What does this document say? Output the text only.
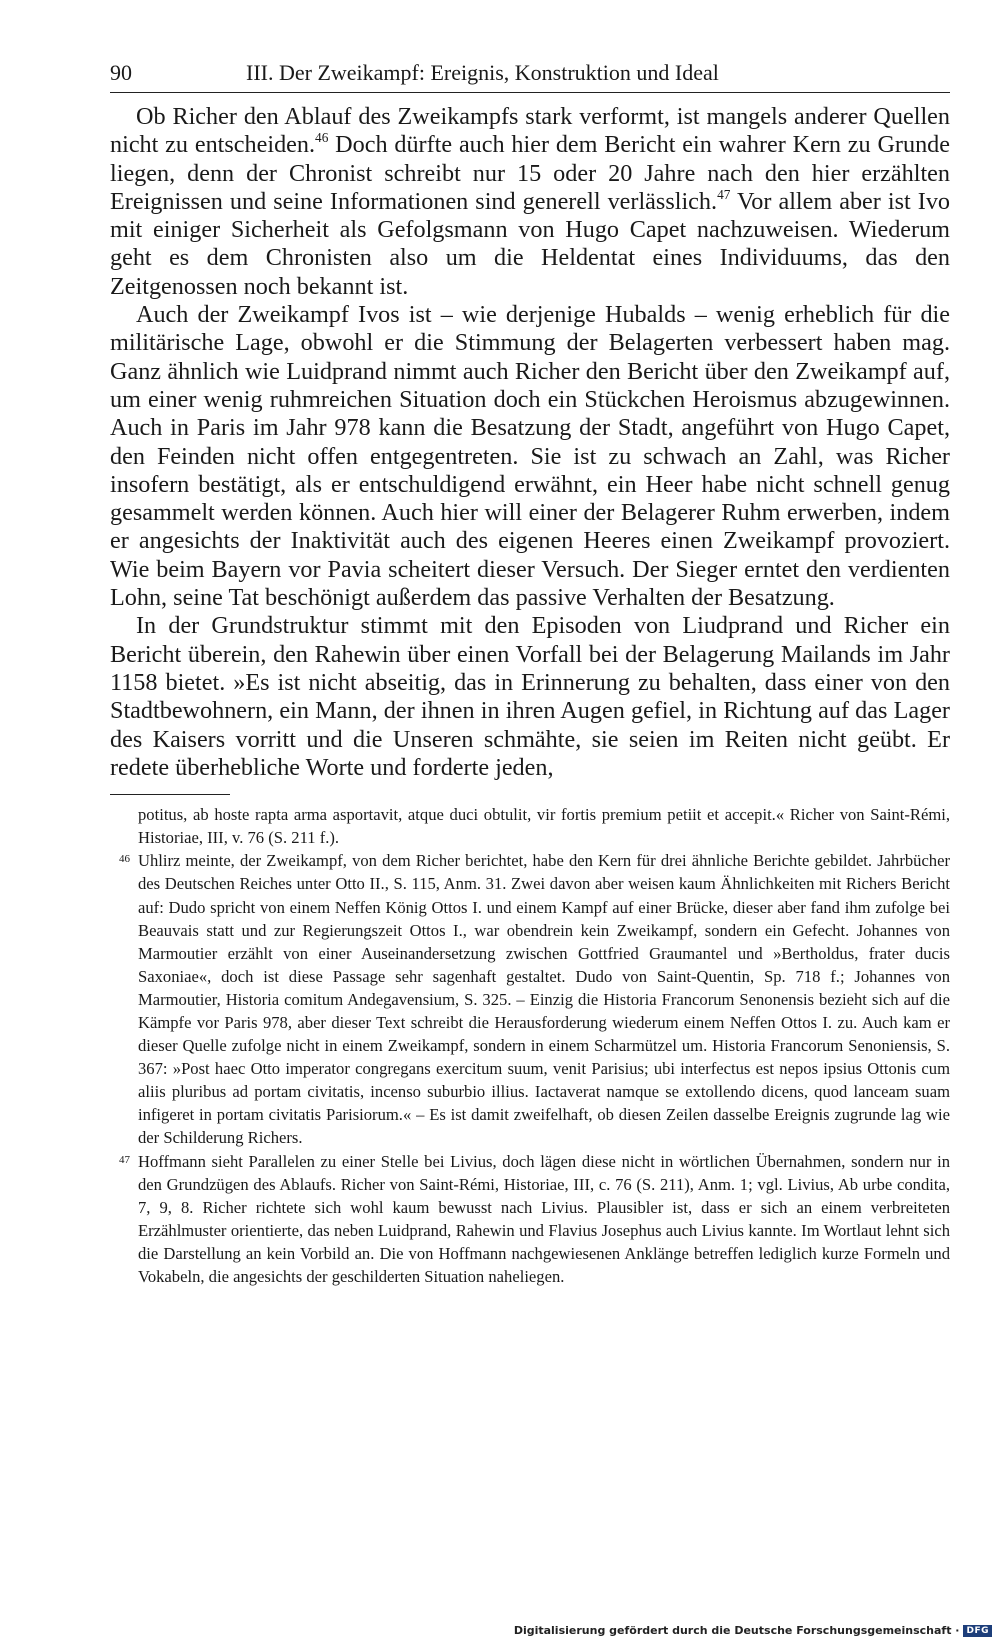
90	III. Der Zweikampf: Ereignis, Konstruktion und Ideal

Ob Richer den Ablauf des Zweikampfs stark verformt, ist mangels anderer Quellen nicht zu entscheiden.$^{46}$ Doch dürfte auch hier dem Bericht ein wahrer Kern zu Grunde liegen, denn der Chronist schreibt nur 15 oder 20 Jahre nach den hier erzählten Ereignissen und seine Informationen sind generell verlässlich.$^{47}$ Vor allem aber ist Ivo mit einiger Sicherheit als Gefolgsmann von Hugo Capet nachzuweisen. Wiederum geht es dem Chronisten also um die Heldentat eines Individuums, das den Zeitgenossen noch bekannt ist.

Auch der Zweikampf Ivos ist – wie derjenige Hubalds – wenig erheblich für die militärische Lage, obwohl er die Stimmung der Belagerten verbessert haben mag. Ganz ähnlich wie Luidprand nimmt auch Richer den Bericht über den Zweikampf auf, um einer wenig ruhmreichen Situation doch ein Stückchen Heroismus abzugewinnen. Auch in Paris im Jahr 978 kann die Besatzung der Stadt, angeführt von Hugo Capet, den Feinden nicht offen entgegentreten. Sie ist zu schwach an Zahl, was Richer insofern bestätigt, als er entschuldigend erwähnt, ein Heer habe nicht schnell genug gesammelt werden können. Auch hier will einer der Belagerer Ruhm erwerben, indem er angesichts der Inaktivität auch des eigenen Heeres einen Zweikampf provoziert. Wie beim Bayern vor Pavia scheitert dieser Versuch. Der Sieger erntet den verdienten Lohn, seine Tat beschönigt außerdem das passive Verhalten der Besatzung.

In der Grundstruktur stimmt mit den Episoden von Liudprand und Richer ein Bericht überein, den Rahewin über einen Vorfall bei der Belagerung Mailands im Jahr 1158 bietet. »Es ist nicht abseitig, das in Erinnerung zu behalten, dass einer von den Stadtbewohnern, ein Mann, der ihnen in ihren Augen gefiel, in Richtung auf das Lager des Kaisers vorritt und die Unseren schmähte, sie seien im Reiten nicht geübt. Er redete überhebliche Worte und forderte jeden,

potitus, ab hoste rapta arma asportavit, atque duci obtulit, vir fortis premium petiit et accepit.« Richer von Saint-Rémi, Historiae, III, v. 76 (S. 211 f.).

46 Uhlirz meinte, der Zweikampf, von dem Richer berichtet, habe den Kern für drei ähnliche Berichte gebildet. Jahrbücher des Deutschen Reiches unter Otto II., S. 115, Anm. 31. Zwei davon aber weisen kaum Ähnlichkeiten mit Richers Bericht auf: Dudo spricht von einem Neffen König Ottos I. und einem Kampf auf einer Brücke, dieser aber fand ihm zufolge bei Beauvais statt und zur Regierungszeit Ottos I., war obendrein kein Zweikampf, sondern ein Gefecht. Johannes von Marmoutier erzählt von einer Auseinandersetzung zwischen Gottfried Graumantel und »Bertholdus, frater ducis Saxoniae«, doch ist diese Passage sehr sagenhaft gestaltet. Dudo von Saint-Quentin, Sp. 718 f.; Johannes von Marmoutier, Historia comitum Andegavensium, S. 325. – Einzig die Historia Francorum Senonensis bezieht sich auf die Kämpfe vor Paris 978, aber dieser Text schreibt die Herausforderung wiederum einem Neffen Ottos I. zu. Auch kam er dieser Quelle zufolge nicht in einem Zweikampf, sondern in einem Scharmützel um. Historia Francorum Senoniensis, S. 367: »Post haec Otto imperator congregans exercitum suum, venit Parisius; ubi interfectus est nepos ipsius Ottonis cum aliis pluribus ad portam civitatis, incenso suburbio illius. Iactaverat namque se extollendo dicens, quod lanceam suam infigeret in portam civitatis Parisiorum.« – Es ist damit zweifelhaft, ob diesen Zeilen dasselbe Ereignis zugrunde lag wie der Schilderung Richers.

47 Hoffmann sieht Parallelen zu einer Stelle bei Livius, doch lägen diese nicht in wörtlichen Übernahmen, sondern nur in den Grundzügen des Ablaufs. Richer von Saint-Rémi, Historiae, III, c. 76 (S. 211), Anm. 1; vgl. Livius, Ab urbe condita, 7, 9, 8. Richer richtete sich wohl kaum bewusst nach Livius. Plausibler ist, dass er sich an einem verbreiteten Erzählmuster orientierte, das neben Luidprand, Rahewin und Flavius Josephus auch Livius kannte. Im Wortlaut lehnt sich die Darstellung an kein Vorbild an. Die von Hoffmann nachgewiesenen Anklänge betreffen lediglich kurze Formeln und Vokabeln, die angesichts der geschilderten Situation naheliegen.

Digitalisierung gefördert durch die Deutsche Forschungsgemeinschaft · DFG
